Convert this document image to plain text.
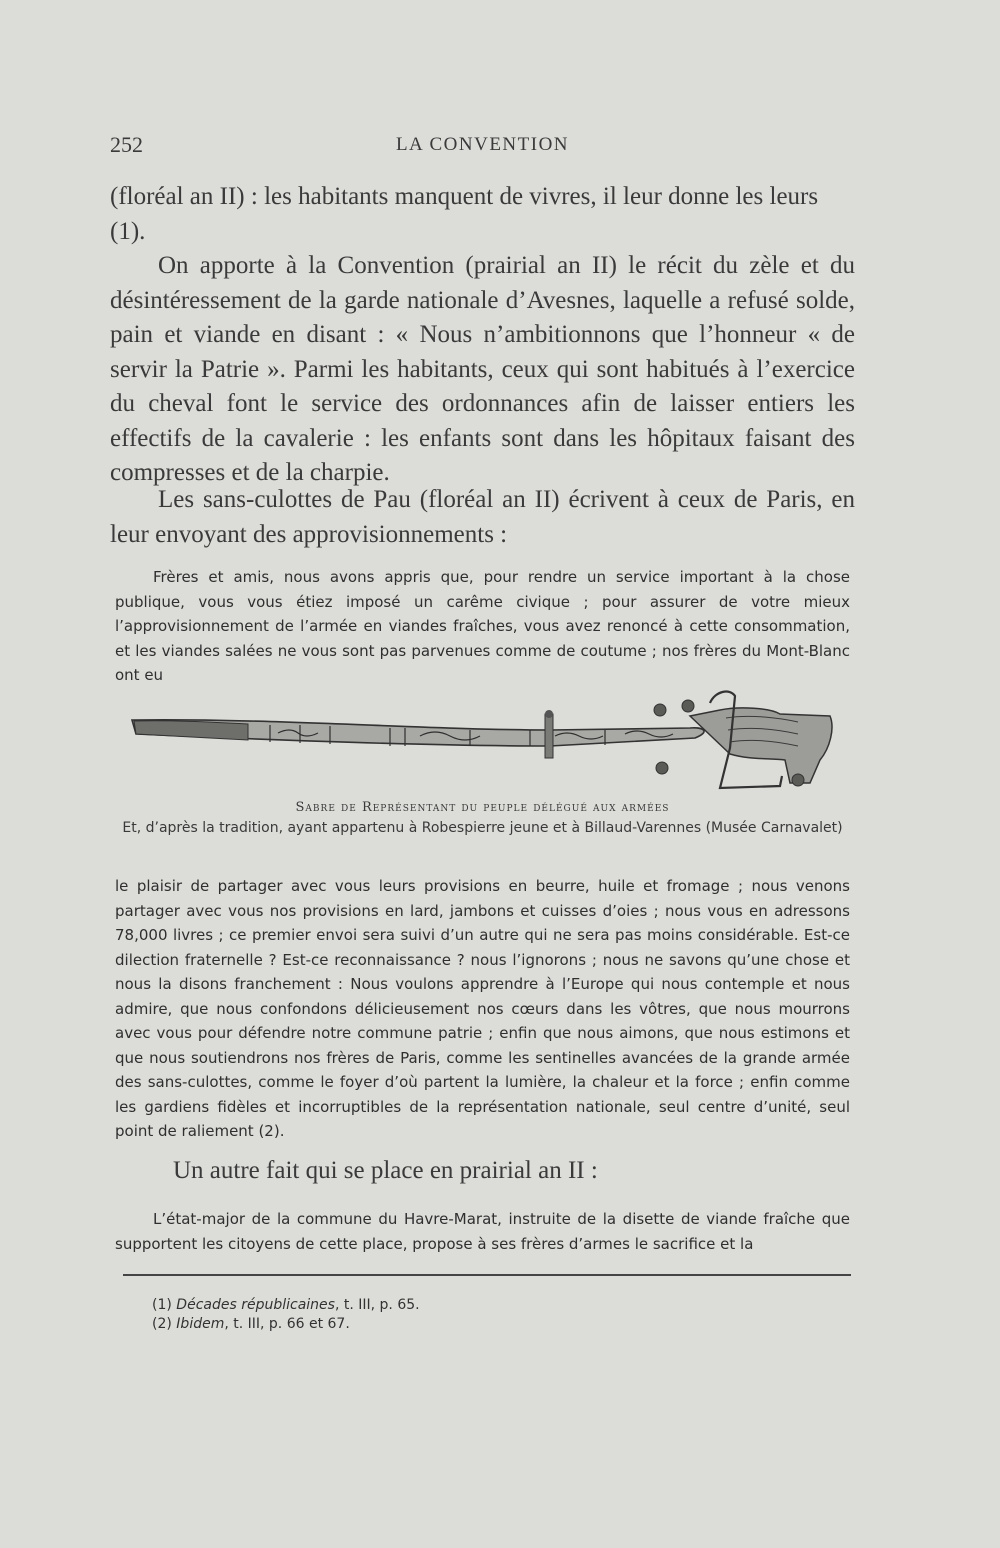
252	LA CONVENTION

(floréal an II) : les habitants manquent de vivres, il leur donne les leurs (1).

On apporte à la Convention (prairial an II) le récit du zèle et du désintéressement de la garde nationale d’Avesnes, laquelle a refusé solde, pain et viande en disant : « Nous n’ambitionnons que l’honneur « de servir la Patrie ». Parmi les habitants, ceux qui sont habitués à l’exercice du cheval font le service des ordonnances afin de laisser entiers les effectifs de la cavalerie : les enfants sont dans les hôpitaux faisant des compresses et de la charpie.

Les sans-culottes de Pau (floréal an II) écrivent à ceux de Paris, en leur envoyant des approvisionnements :

Frères et amis, nous avons appris que, pour rendre un service important à la chose publique, vous vous étiez imposé un carême civique ; pour assurer de votre mieux l’approvisionnement de l’armée en viandes fraîches, vous avez renoncé à cette consommation, et les viandes salées ne vous sont pas parvenues comme de coutume ; nos frères du Mont-Blanc ont eu

Sabre de Représentant du peuple délégué aux armées
Et, d’après la tradition, ayant appartenu à Robespierre jeune et à Billaud-Varennes (Musée Carnavalet)

le plaisir de partager avec vous leurs provisions en beurre, huile et fromage ; nous venons partager avec vous nos provisions en lard, jambons et cuisses d’oies ; nous vous en adressons 78,000 livres ; ce premier envoi sera suivi d’un autre qui ne sera pas moins considérable. Est-ce dilection fraternelle ? Est-ce reconnaissance ? nous l’ignorons ; nous ne savons qu’une chose et nous la disons franchement : Nous voulons apprendre à l’Europe qui nous contemple et nous admire, que nous confondons délicieusement nos cœurs dans les vôtres, que nous mourrons avec vous pour défendre notre commune patrie ; enfin que nous aimons, que nous estimons et que nous soutiendrons nos frères de Paris, comme les sentinelles avancées de la grande armée des sans-culottes, comme le foyer d’où partent la lumière, la chaleur et la force ; enfin comme les gardiens fidèles et incorruptibles de la représentation nationale, seul centre d’unité, seul point de raliement (2).

Un autre fait qui se place en prairial an II :

L’état-major de la commune du Havre-Marat, instruite de la disette de viande fraîche que supportent les citoyens de cette place, propose à ses frères d’armes le sacrifice et la

(1) Décades républicaines, t. III, p. 65.
(2) Ibidem, t. III, p. 66 et 67.
